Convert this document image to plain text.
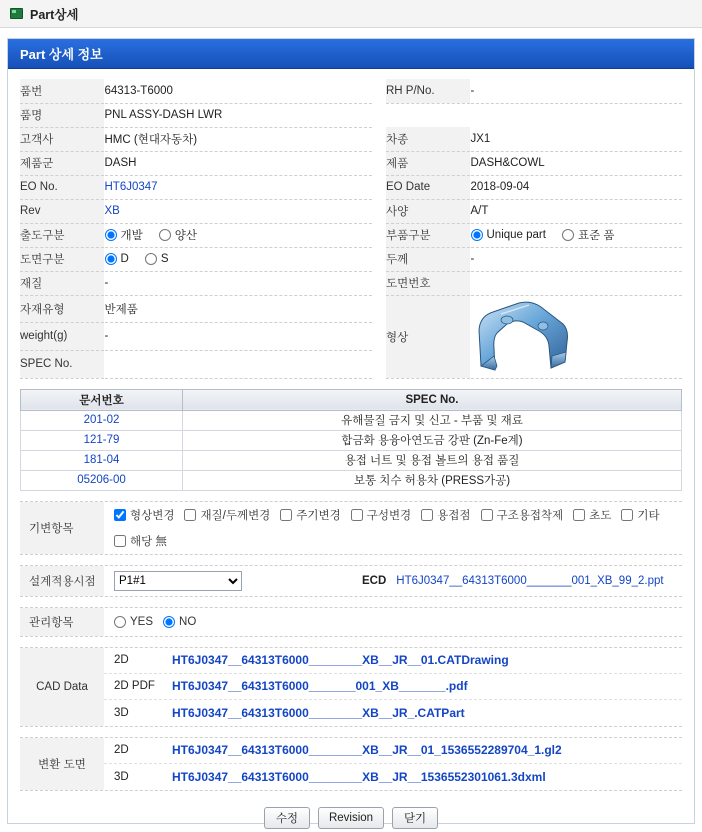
Part상세
Part 상세 정보
품번	64313-T6000		RH P/No.	-
품명	PNL ASSY-DASH LWR			
고객사	HMC (현대자동차)		차종	JX1
제품군	DASH		제품	DASH&COWL
EO No.	HT6J0347		EO Date	2018-09-04
Rev	XB		사양	A/T
출도구분	개발 양산		부품구분	Unique part 표준 품

도면구분	D S		두께	-
재질	-		도면번호	
자재유형	반제품		형상	

weight(g)	-			
SPEC No.				
문서번호	SPEC No.
201-02	유해물질 금지 및 신고 - 부품 및 재료
121-79	합금화 용융아연도금 강판 (Zn-Fe계)
181-04	용접 너트 및 용접 볼트의 용접 품질
05206-00	보통 치수 허용차 (PRESS가공)
기변항목
형상변경 재질/두께변경 주기변경 구성변경 용접점 구조용접착제 초도 기타
해당 無
설계적용시점
P1#1	ECD HT6J0347__64313T6000_______001_XB_99_2.ppt
관리항목	YES NO
CAD Data
2D	HT6J0347__64313T6000________XB__JR__01.CATDrawing
2D PDF	HT6J0347__64313T6000_______001_XB_______.pdf
3D	HT6J0347__64313T6000________XB__JR_.CATPart
변환 도면
2D	HT6J0347__64313T6000________XB__JR__01_1536552289704_1.gl2
3D	HT6J0347__64313T6000________XB__JR__1536552301061.3dxml
수정	Revision	닫기
